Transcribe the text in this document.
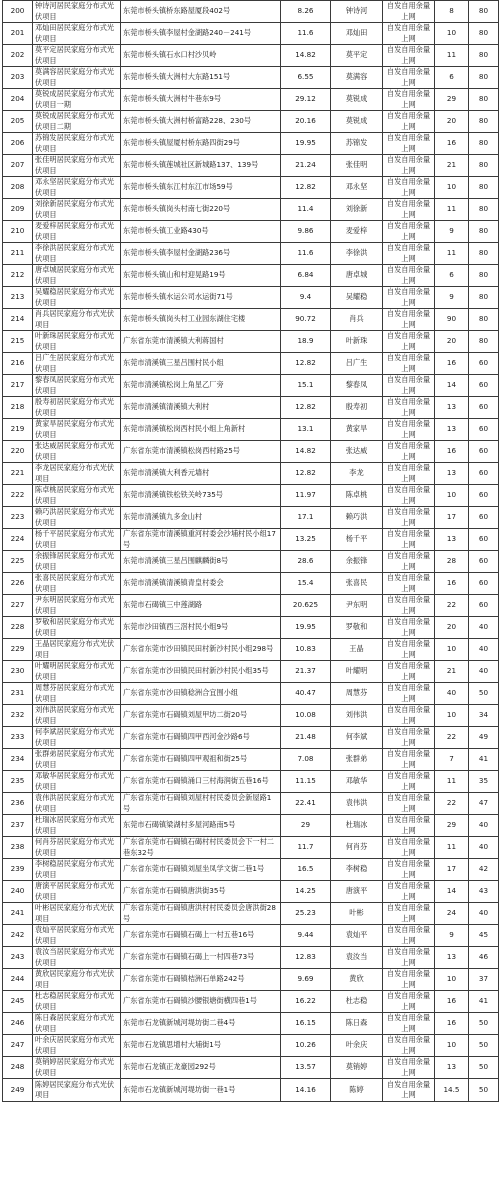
200	钟诗河居民家庭分布式光伏项目	东莞市桥头镇桥东路屋厦段402号	8.26	钟诗河	自发自用余量上网	8	80
201	邓灿田居民家庭分布式光伏项目	东莞市桥头镇李屋村金湖路240－241号	11.6	邓灿田	自发自用余量上网	10	80
202	莫平定居民家庭分布式光伏项目	东莞市桥头镇石水口村沙贝岭	14.82	莫平定	自发自用余量上网	11	80
203	莫满容居民家庭分布式光伏项目	东莞市桥头镇大洲村大东路151号	6.55	莫满容	自发自用余量上网	6	80
204	莫锐成居民家庭分布式光伏项目一期	东莞市桥头镇大洲村牛巷东9号	29.12	莫锐成	自发自用余量上网	29	80
205	莫锐成居民家庭分布式光伏项目二期	东莞市桥头镇大洲村桥富路228、230号	20.16	莫锐成	自发自用余量上网	20	80
206	苏锦发居民家庭分布式光伏项目	东莞市桥头镇屋厦村桥东路四街29号	19.95	苏锦发	自发自用余量上网	16	80
207	张佳明居民家庭分布式光伏项目	东莞市桥头镇莲城社区新城路137、139号	21.24	张佳明	自发自用余量上网	21	80
208	邓永坚居民家庭分布式光伏项目	东莞市桥头镇东江村东江市场59号	12.82	邓永坚	自发自用余量上网	10	80
209	刘徐新居民家庭分布式光伏项目	东莞市桥头镇岗头村南七街220号	11.4	刘徐新	自发自用余量上网	11	80
210	麦爱梓居民家庭分布式光伏项目	东莞市桥头镇工业路430号	9.86	麦爱梓	自发自用余量上网	9	80
211	李徐洪居民家庭分布式光伏项目	东莞市桥头镇李屋村金湖路236号	11.6	李徐洪	自发自用余量上网	11	80
212	唐卓城居民家庭分布式光伏项目	东莞市桥头镇山和村迎晃路19号	6.84	唐卓城	自发自用余量上网	6	80
213	吴耀稳居民家庭分布式光伏项目	东莞市桥头镇水运公司水运街71号	9.4	吴耀稳	自发自用余量上网	9	80
214	肖兵居民家庭分布式光伏项目	东莞市桥头镇岗头村工业园东湖住宅楼	90.72	肖兵	自发自用余量上网	90	80
215	叶新珠居民家庭分布式光伏项目	广东省东莞市清溪镇大利蒋国村	18.9	叶新珠	自发自用余量上网	20	80
216	吕广生居民家庭分布式光伏项目	东莞市清溪镇三星吕围村民小组	12.82	吕广生	自发自用余量上网	16	60
217	黎春凤居民家庭分布式光伏项目	东莞市清溪镇松岗上角星乙厂旁	15.1	黎春凤	自发自用余量上网	14	60
218	殷寿初居民家庭分布式光伏项目	东莞市清溪镇清溪镇大利村	12.82	殷寿初	自发自用余量上网	13	60
219	黄家旱居民家庭分布式光伏项目	东莞市清溪镇松岗西村民小组上角新村	13.1	黄家旱	自发自用余量上网	13	60
220	张达威居民家庭分布式光伏项目	广东省东莞市清溪镇松岗西村路25号	14.82	张达威	自发自用余量上网	16	60
221	李龙居民家庭分布式光伏项目	东莞市清溪镇大利香元墙村	12.82	李龙	自发自用余量上网	13	60
222	陈卓桃居民家庭分布式光伏项目	东莞市清溪镇铁松铁关岭735号	11.97	陈卓桃	自发自用余量上网	10	60
223	赖巧洪居民家庭分布式光伏项目	东莞市清溪镇九多金山村	17.1	赖巧洪	自发自用余量上网	17	60
224	杨千平居民家庭分布式光伏项目	广东省东莞市清溪镇重河村委会沙埔村民小组17号	13.25	杨千平	自发自用余量上网	13	60
225	余振锋居民家庭分布式光伏项目	东莞市清溪镇三星吕围麒麟街8号	28.6	余振锋	自发自用余量上网	28	60
226	张喜民居民家庭分布式光伏项目	东莞市清溪镇清溪镇青皇村委会	15.4	张喜民	自发自用余量上网	16	60
227	尹东明居民家庭分布式光伏项目	东莞市石碣镇三中莲湖路	20.625	尹东明	自发自用余量上网	22	60
228	罗敬和居民家庭分布式光伏项目	东莞市沙田镇西三滘村民小组9号	19.95	罗敬和	自发自用余量上网	20	40
229	王晶居民家庭分布式光伏项目	广东省东莞市沙田镇民田村新沙村民小组298号	10.83	王晶	自发自用余量上网	10	40
230	叶耀明居民家庭分布式光伏项目	广东省东莞市沙田镇民田村新沙村民小组35号	21.37	叶耀明	自发自用余量上网	21	40
231	周慧芬居民家庭分布式光伏项目	广东省东莞市沙田镇稔洲合宜围小组	40.47	周慧芬	自发自用余量上网	40	50
232	刘伟洪居民家庭分布式光伏项目	广东省东莞市石碣镇刘屋甲坊二街20号	10.08	刘伟洪	自发自用余量上网	10	34
233	何李斌居民家庭分布式光伏项目	广东省东莞市石碣镇四甲西河金沙路6号	21.48	何李斌	自发自用余量上网	22	49
234	张群弟居民家庭分布式光伏项目	广东省东莞市石碣镇四甲观祖和街25号	7.08	张群弟	自发自用余量上网	7	41
235	邓敏华居民家庭分布式光伏项目	广东省东莞市石碣镇涌口三村海润街五巷16号	11.15	邓敏华	自发自用余量上网	11	35
236	袁伟洪居民家庭分布式光伏项目	广东省东莞市石碣镇刘屋村村民委员会新屋路1号	22.41	袁伟洪	自发自用余量上网	22	47
237	杜瑞冰居民家庭分布式光伏项目	东莞市石碣镇梁湖村多屋河路南5号	29	杜瑞冰	自发自用余量上网	29	40
238	何肖芬居民家庭分布式光伏项目	广东省东莞市石碣镇石碣村村民委员会下一村二巷东32号	11.7	何肖芬	自发自用余量上网	11	40
239	李树稳居民家庭分布式光伏项目	广东省东莞市石碣镇刘屋坐凤学文街二巷1号	16.5	李树稳	自发自用余量上网	17	42
240	唐演平居民家庭分布式光伏项目	广东省东莞市石碣镇唐洪街35号	14.25	唐演平	自发自用余量上网	14	43
241	叶彬居民家庭分布式光伏项目	广东省东莞市石碣镇唐洪村村民委员会唐洪街28号	25.23	叶彬	自发自用余量上网	24	40
242	袁灿平居民家庭分布式光伏项目	广东省东莞市石碣镇石碣上一村五巷16号	9.44	袁灿平	自发自用余量上网	9	45
243	袁汝当居民家庭分布式光伏项目	广东省东莞市石碣镇石碣上一村四巷73号	12.83	袁汝当	自发自用余量上网	13	46
244	黄欣居民家庭分布式光伏项目	广东省东莞市石碣镇桔洲石单路242号	9.69	黄欣	自发自用余量上网	10	37
245	杜志稳居民家庭分布式光伏项目	广东省东莞市石碣镇沙腰银塘街横四巷1号	16.22	杜志稳	自发自用余量上网	16	41
246	陈日森居民家庭分布式光伏项目	东莞市石龙镇新城河堤坊街二巷4号	16.15	陈日森	自发自用余量上网	16	50
247	叶余庆居民家庭分布式光伏项目	东莞市石龙镇思增村大埔街1号	10.26	叶余庆	自发自用余量上网	10	50
248	莫销婷居民家庭分布式光伏项目	东莞市石龙镇正龙豪园292号	13.57	莫销婷	自发自用余量上网	13	50
249	陈婷居民家庭分布式光伏项目	东莞市石龙镇新城河堤坊街一巷1号	14.16	陈婷	自发自用余量上网	14.5	50
